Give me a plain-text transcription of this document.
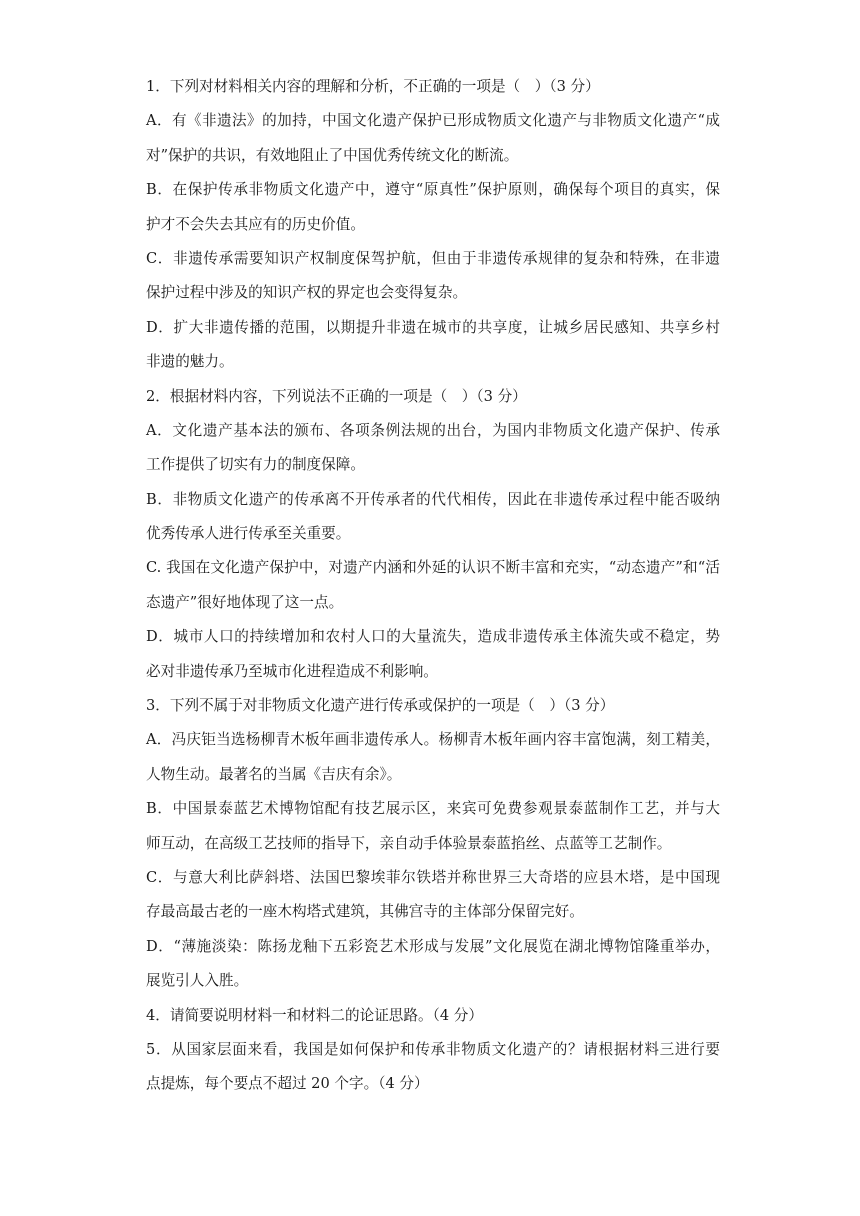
1．下列对材料相关内容的理解和分析，不正确的一项是（　）（3 分）
A．有《非遗法》的加持，中国文化遗产保护已形成物质文化遗产与非物质文化遗产“成
对”保护的共识，有效地阻止了中国优秀传统文化的断流。
B．在保护传承非物质文化遗产中，遵守“原真性”保护原则，确保每个项目的真实，保
护才不会失去其应有的历史价值。
C．非遗传承需要知识产权制度保驾护航，但由于非遗传承规律的复杂和特殊，在非遗
保护过程中涉及的知识产权的界定也会变得复杂。
D．扩大非遗传播的范围，以期提升非遗在城市的共享度，让城乡居民感知、共享乡村
非遗的魅力。
2．根据材料内容，下列说法不正确的一项是（　）（3 分）
A．文化遗产基本法的颁布、各项条例法规的出台，为国内非物质文化遗产保护、传承
工作提供了切实有力的制度保障。
B．非物质文化遗产的传承离不开传承者的代代相传，因此在非遗传承过程中能否吸纳
优秀传承人进行传承至关重要。
C. 我国在文化遗产保护中，对遗产内涵和外延的认识不断丰富和充实，“动态遗产”和“活
态遗产”很好地体现了这一点。
D．城市人口的持续增加和农村人口的大量流失，造成非遗传承主体流失或不稳定，势
必对非遗传承乃至城市化进程造成不利影响。
3．下列不属于对非物质文化遗产进行传承或保护的一项是（　）（3 分）
A．冯庆钜当选杨柳青木板年画非遗传承人。杨柳青木板年画内容丰富饱满，刻工精美，
人物生动。最著名的当属《吉庆有余》。
B．中国景泰蓝艺术博物馆配有技艺展示区，来宾可免费参观景泰蓝制作工艺，并与大
师互动，在高级工艺技师的指导下，亲自动手体验景泰蓝掐丝、点蓝等工艺制作。
C．与意大利比萨斜塔、法国巴黎埃菲尔铁塔并称世界三大奇塔的应县木塔，是中国现
存最高最古老的一座木构塔式建筑，其佛宫寺的主体部分保留完好。
D．“薄施淡染：陈扬龙釉下五彩瓷艺术形成与发展”文化展览在湖北博物馆隆重举办，
展览引人入胜。
4．请简要说明材料一和材料二的论证思路。（4 分）
5．从国家层面来看，我国是如何保护和传承非物质文化遗产的？请根据材料三进行要
点提炼，每个要点不超过 20 个字。（4 分）
